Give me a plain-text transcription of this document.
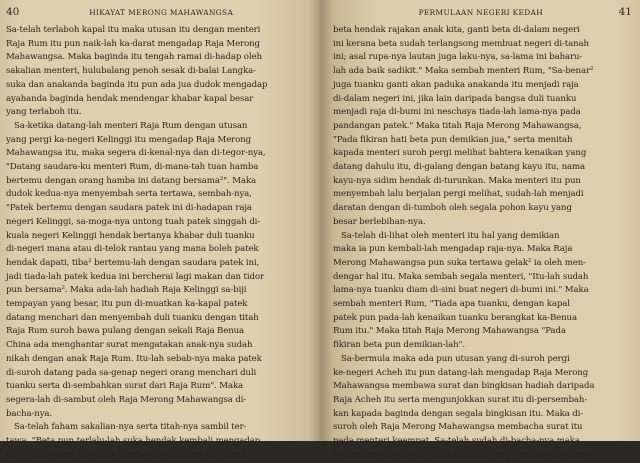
40	HIKAYAT MERONG MAHAWANGSA
Sa-telah terlaboh kapal itu maka utusan itu dengan menteri
Raja Rum itu pun naik-lah ka-darat mengadap Raja Merong
Mahawangsa. Maka baginda itu tengah ramai di-hadap oleh
sakalian menteri, hulubalang penoh sesak di-balai Langka-
suka dan anakanda baginda itu pun ada jua dudok mengadap
ayahanda baginda hendak mendengar khabar kapal besar
yang terlaboh itu.
Sa-ketika datang-lah menteri Raja Rum dengan utusan
yang pergi ka-negeri Kelinggi itu mengadap Raja Merong
Mahawangsa itu, maka segera di-kenal-nya dan di-tegor-nya,
"Datang saudara-ku menteri Rum, di-mana-tah tuan hamba
bertemu dengan orang hamba ini datang bersama²". Maka
dudok kedua-nya menyembah serta tertawa, sembah-nya,
"Patek bertemu dengan saudara patek ini di-hadapan raja
negeri Kelinggi, sa-moga-nya untong tuah patek singgah di-
kuala negeri Kelinggi hendak bertanya khabar duli tuanku
di-negeri mana atau di-telok rantau yang mana boleh patek
hendak dapati, tiba² bertemu-lah dengan saudara patek ini,
jadi tiada-lah patek kedua ini bercherai lagi makan dan tidor
pun bersama². Maka ada-lah hadiah Raja Kelinggi sa-biji
tempayan yang besar, itu pun di-muatkan ka-kapal patek
datang menchari dan menyembah duli tuanku dengan titah
Raja Rum suroh bawa pulang dengan sekali Raja Benua
China ada menghantar surat mengatakan anak-nya sudah
nikah dengan anak Raja Rum. Itu-lah sebab-nya maka patek
di-suroh datang pada sa-genap negeri orang menchari duli
tuanku serta di-sembahkan surat dari Raja Rum". Maka
segera-lah di-sambut oleh Raja Merong Mahawangsa di-
bacha-nya.
Sa-telah faham sakalian-nya serta titah-nya sambil ter-
tawa, "Beta pun terlalu-lah suka hendak kembali mengadap
duli Sultan Rum itu tetapi hendak-lah saudara-ku ³²nanti
PERMULAAN NEGERI KEDAH	41
beta hendak rajakan anak kita, ganti beta di-dalam negeri
ini kerana beta sudah terlangsong membuat negeri di-tanah
ini; asal rupa-nya lautan juga laku-nya, sa-lama ini baharu-
lah ada baik sadikit." Maka sembah menteri Rum, "Sa-benar²
juga tuanku ganti akan paduka anakanda itu menjadi raja
di-dalam negeri ini, jika lain daripada bangsa duli tuanku
menjadi raja di-bumi ini neschaya tiada-lah lama-nya pada
pandangan patek." Maka titah Raja Merong Mahawangsa,
"Pada fikiran hati beta pun demikian jua," serta menitah
kapada menteri suroh pergi melihat bahtera kenaikan yang
datang dahulu itu, di-galang dengan batang kayu itu, nama
kayu-nya sidim hendak di-turunkan. Maka menteri itu pun
menyembah lalu berjalan pergi melihat, sudah-lah menjadi
daratan dengan di-tumboh oleh segala pohon kayu yang
besar berlebihan-nya.
Sa-telah di-lihat oleh menteri itu hal yang demikian
maka ia pun kembali-lah mengadap raja-nya. Maka Raja
Merong Mahawangsa pun suka tertawa gelak² ia oleh men-
dengar hal itu. Maka sembah segala menteri, "Itu-lah sudah
lama-nya tuanku diam di-sini buat negeri di-bumi ini." Maka
sembah menteri Rum, "Tiada apa tuanku, dengan kapal
patek pun pada-lah kenaikan tuanku berangkat ka-Benua
Rum itu." Maka titah Raja Merong Mahawangsa "Pada
fikiran beta pun demikian-lah".
Sa-bermula maka ada pun utusan yang di-suroh pergi
ke-negeri Acheh itu pun datang-lah mengadap Raja Merong
Mahawangsa membawa surat dan bingkisan hadiah daripada
Raja Acheh itu serta mengunjokkan surat itu di-persembah-
kan kapada baginda dengan segala bingkisan itu. Maka di-
suroh oleh Raja Merong Mahawangsa membacha surat itu
pada menteri keempat. Sa-telah sudah di-bacha-nya maka
di-dengari-lah oleh baginda sakalian yang tersebut di-dalam
